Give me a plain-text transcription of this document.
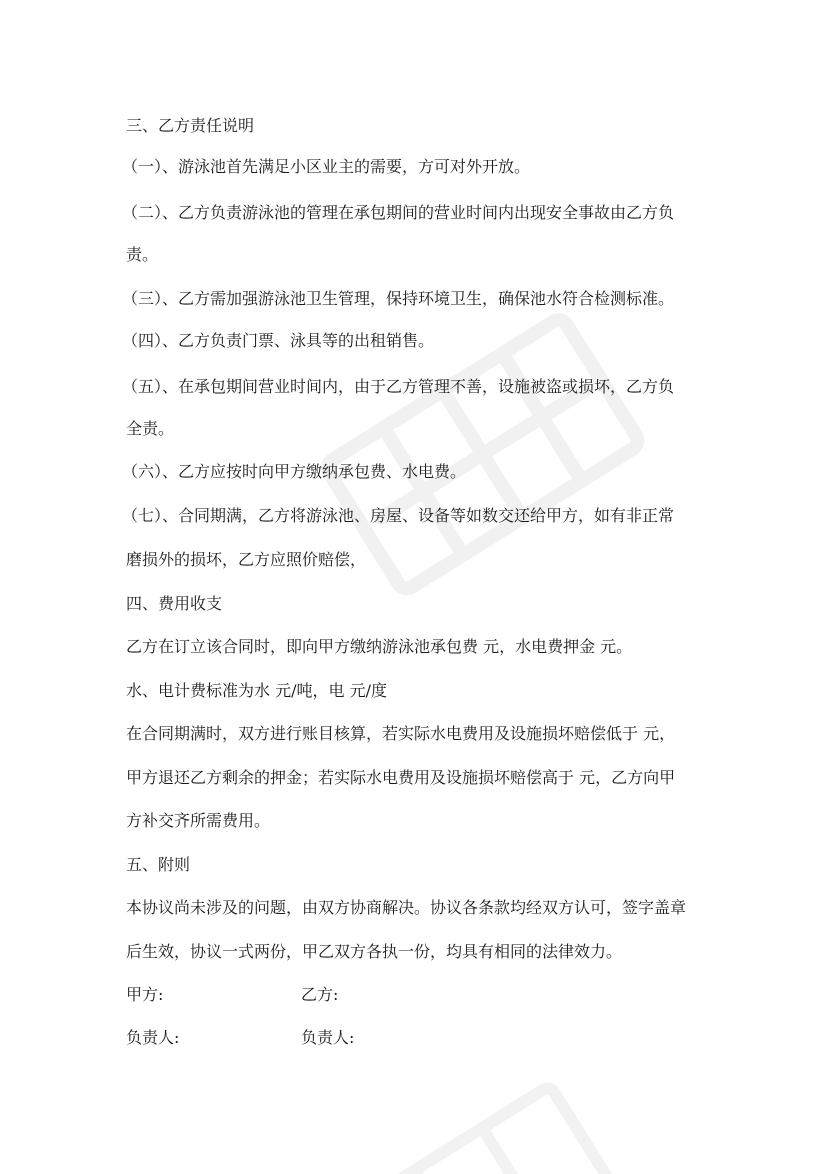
三、乙方责任说明
（一）、游泳池首先满足小区业主的需要，方可对外开放。
（二）、乙方负责游泳池的管理在承包期间的营业时间内出现安全事故由乙方负
责。
（三）、乙方需加强游泳池卫生管理，保持环境卫生，确保池水符合检测标准。
（四）、乙方负责门票、泳具等的出租销售。
（五）、在承包期间营业时间内，由于乙方管理不善，设施被盗或损坏，乙方负
全责。
（六）、乙方应按时向甲方缴纳承包费、水电费。
（七）、合同期满，乙方将游泳池、房屋、设备等如数交还给甲方，如有非正常
磨损外的损坏，乙方应照价赔偿，
四、费用收支
乙方在订立该合同时，即向甲方缴纳游泳池承包费 元，水电费押金 元。
水、电计费标准为水 元/吨，电 元/度
在合同期满时，双方进行账目核算，若实际水电费用及设施损坏赔偿低于 元，
甲方退还乙方剩余的押金；若实际水电费用及设施损坏赔偿高于 元，乙方向甲
方补交齐所需费用。
五、附则
本协议尚未涉及的问题，由双方协商解决。协议各条款均经双方认可，签字盖章
后生效，协议一式两份，甲乙双方各执一份，均具有相同的法律效力。
甲方:	乙方:
负责人:	负责人:
